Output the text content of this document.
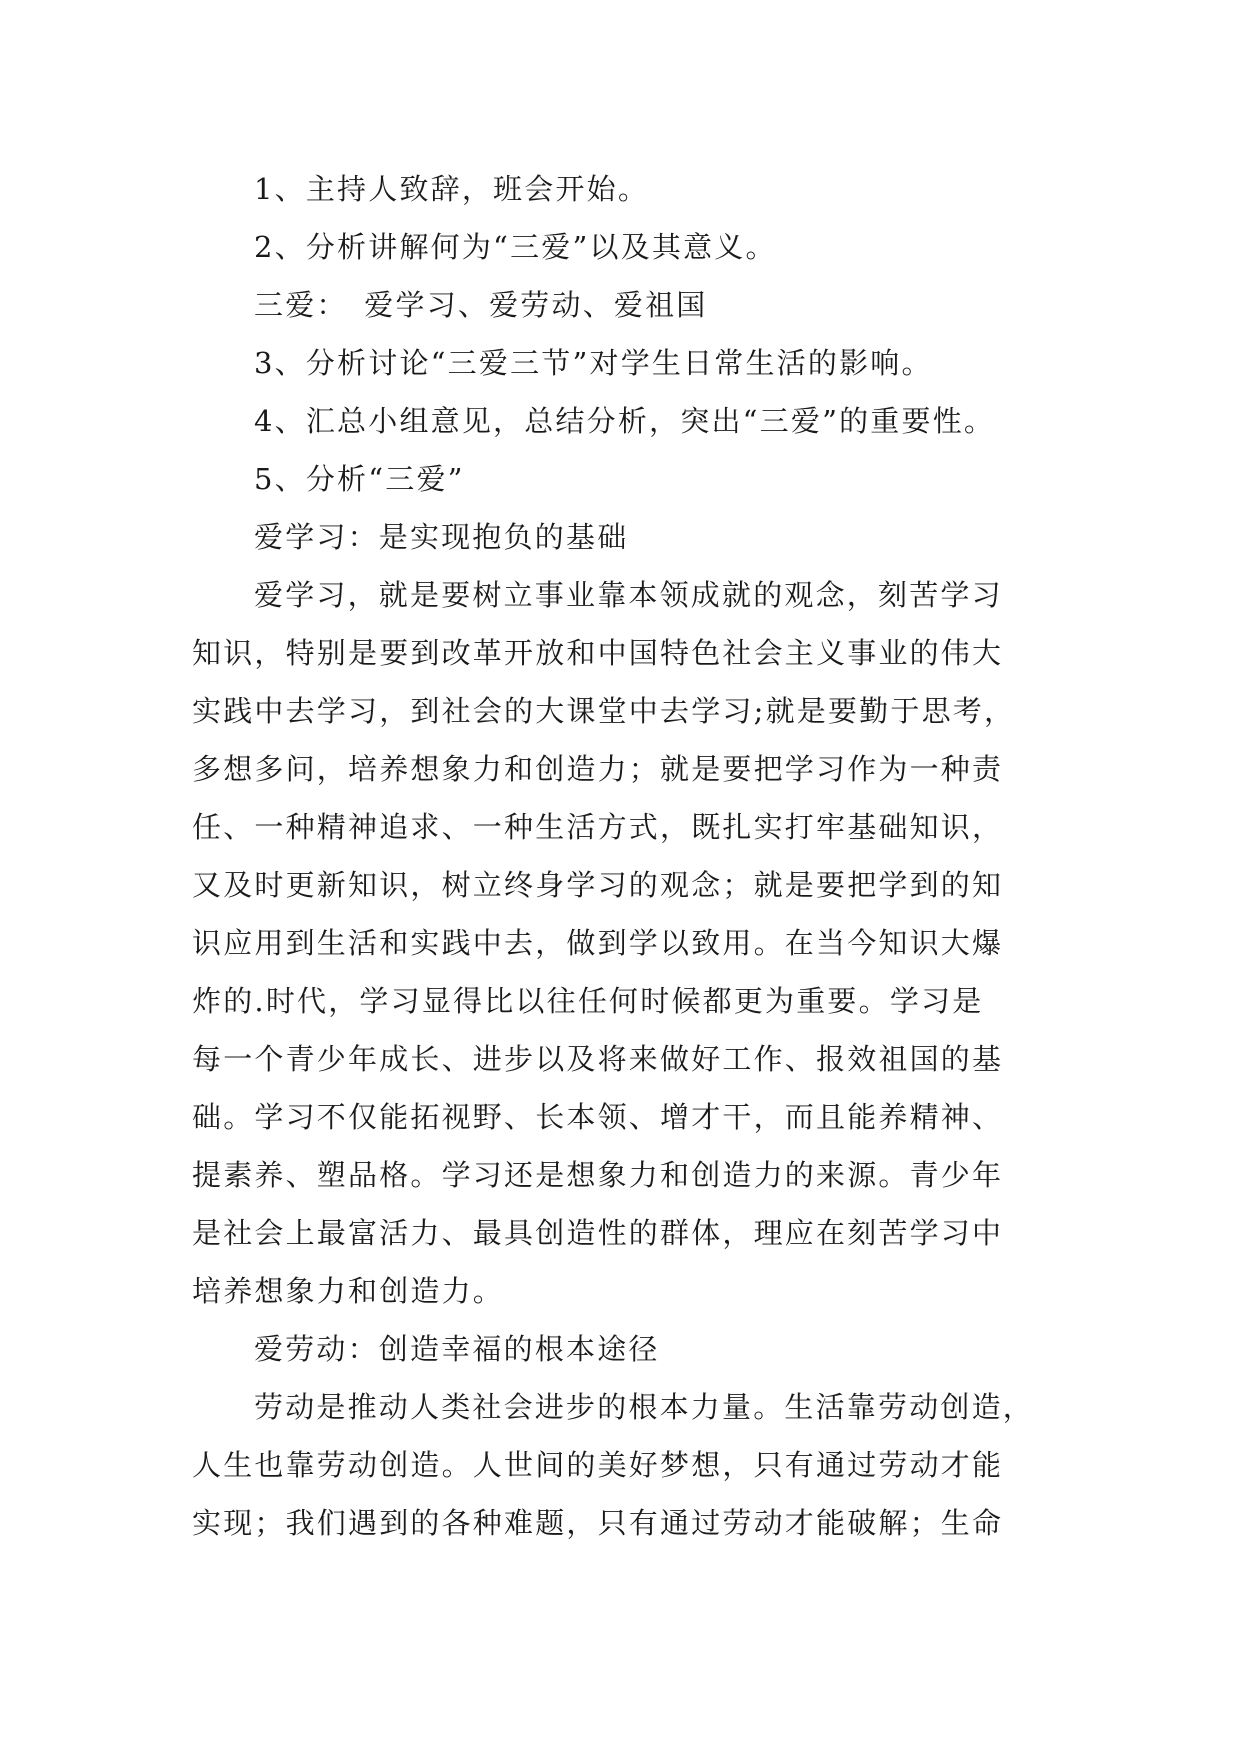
1、主持人致辞，班会开始。

2、分析讲解何为“三爱”以及其意义。

三爱：　爱学习、爱劳动、爱祖国

3、分析讨论“三爱三节”对学生日常生活的影响。

4、汇总小组意见，总结分析，突出“三爱”的重要性。

5、分析“三爱”

爱学习：是实现抱负的基础

爱学习，就是要树立事业靠本领成就的观念，刻苦学习

知识，特别是要到改革开放和中国特色社会主义事业的伟大

实践中去学习，到社会的大课堂中去学习;就是要勤于思考，

多想多问，培养想象力和创造力；就是要把学习作为一种责

任、一种精神追求、一种生活方式，既扎实打牢基础知识，

又及时更新知识，树立终身学习的观念；就是要把学到的知

识应用到生活和实践中去，做到学以致用。在当今知识大爆

炸的.时代，学习显得比以往任何时候都更为重要。学习是

每一个青少年成长、进步以及将来做好工作、报效祖国的基

础。学习不仅能拓视野、长本领、增才干，而且能养精神、

提素养、塑品格。学习还是想象力和创造力的来源。青少年

是社会上最富活力、最具创造性的群体，理应在刻苦学习中

培养想象力和创造力。

爱劳动：创造幸福的根本途径

劳动是推动人类社会进步的根本力量。生活靠劳动创造，

人生也靠劳动创造。人世间的美好梦想，只有通过劳动才能

实现；我们遇到的各种难题，只有通过劳动才能破解；生命
